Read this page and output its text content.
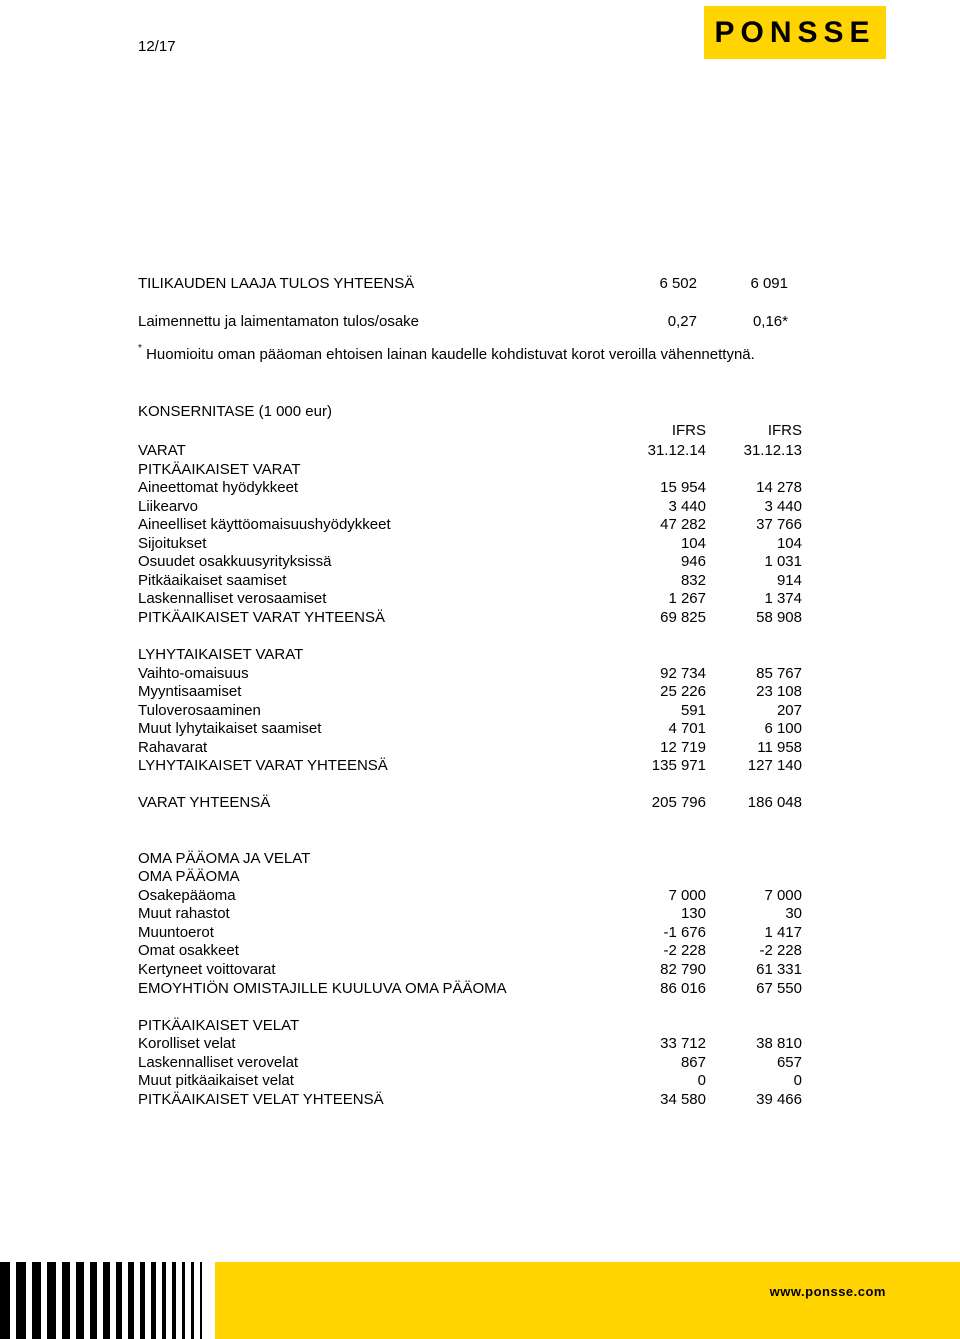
12/17	PONSSE
TILIKAUDEN LAAJA TULOS YHTEENSÄ	6 502	6 091
Laimennettu ja laimentamaton tulos/osake	0,27	0,16*
* Huomioitu oman pääoman ehtoisen lainan kaudelle kohdistuvat korot veroilla vähennettynä.
KONSERNITASE (1 000 eur)
IFRS	IFRS
VARAT	31.12.14	31.12.13
PITKÄAIKAISET VARAT
Aineettomat hyödykkeet	15 954	14 278
Liikearvo	3 440	3 440
Aineelliset käyttöomaisuushyödykkeet	47 282	37 766
Sijoitukset	104	104
Osuudet osakkuusyrityksissä	946	1 031
Pitkäaikaiset saamiset	832	914
Laskennalliset verosaamiset	1 267	1 374
PITKÄAIKAISET VARAT YHTEENSÄ	69 825	58 908
LYHYTAIKAISET VARAT
Vaihto-omaisuus	92 734	85 767
Myyntisaamiset	25 226	23 108
Tuloverosaaminen	591	207
Muut lyhytaikaiset saamiset	4 701	6 100
Rahavarat	12 719	11 958
LYHYTAIKAISET VARAT YHTEENSÄ	135 971	127 140
VARAT YHTEENSÄ	205 796	186 048
OMA PÄÄOMA JA VELAT
OMA PÄÄOMA
Osakepääoma	7 000	7 000
Muut rahastot	130	30
Muuntoerot	-1 676	1 417
Omat osakkeet	-2 228	-2 228
Kertyneet voittovarat	82 790	61 331
EMOYHTIÖN OMISTAJILLE KUULUVA OMA PÄÄOMA	86 016	67 550
PITKÄAIKAISET VELAT
Korolliset velat	33 712	38 810
Laskennalliset verovelat	867	657
Muut pitkäaikaiset velat	0	0
PITKÄAIKAISET VELAT YHTEENSÄ	34 580	39 466
www.ponsse.com
